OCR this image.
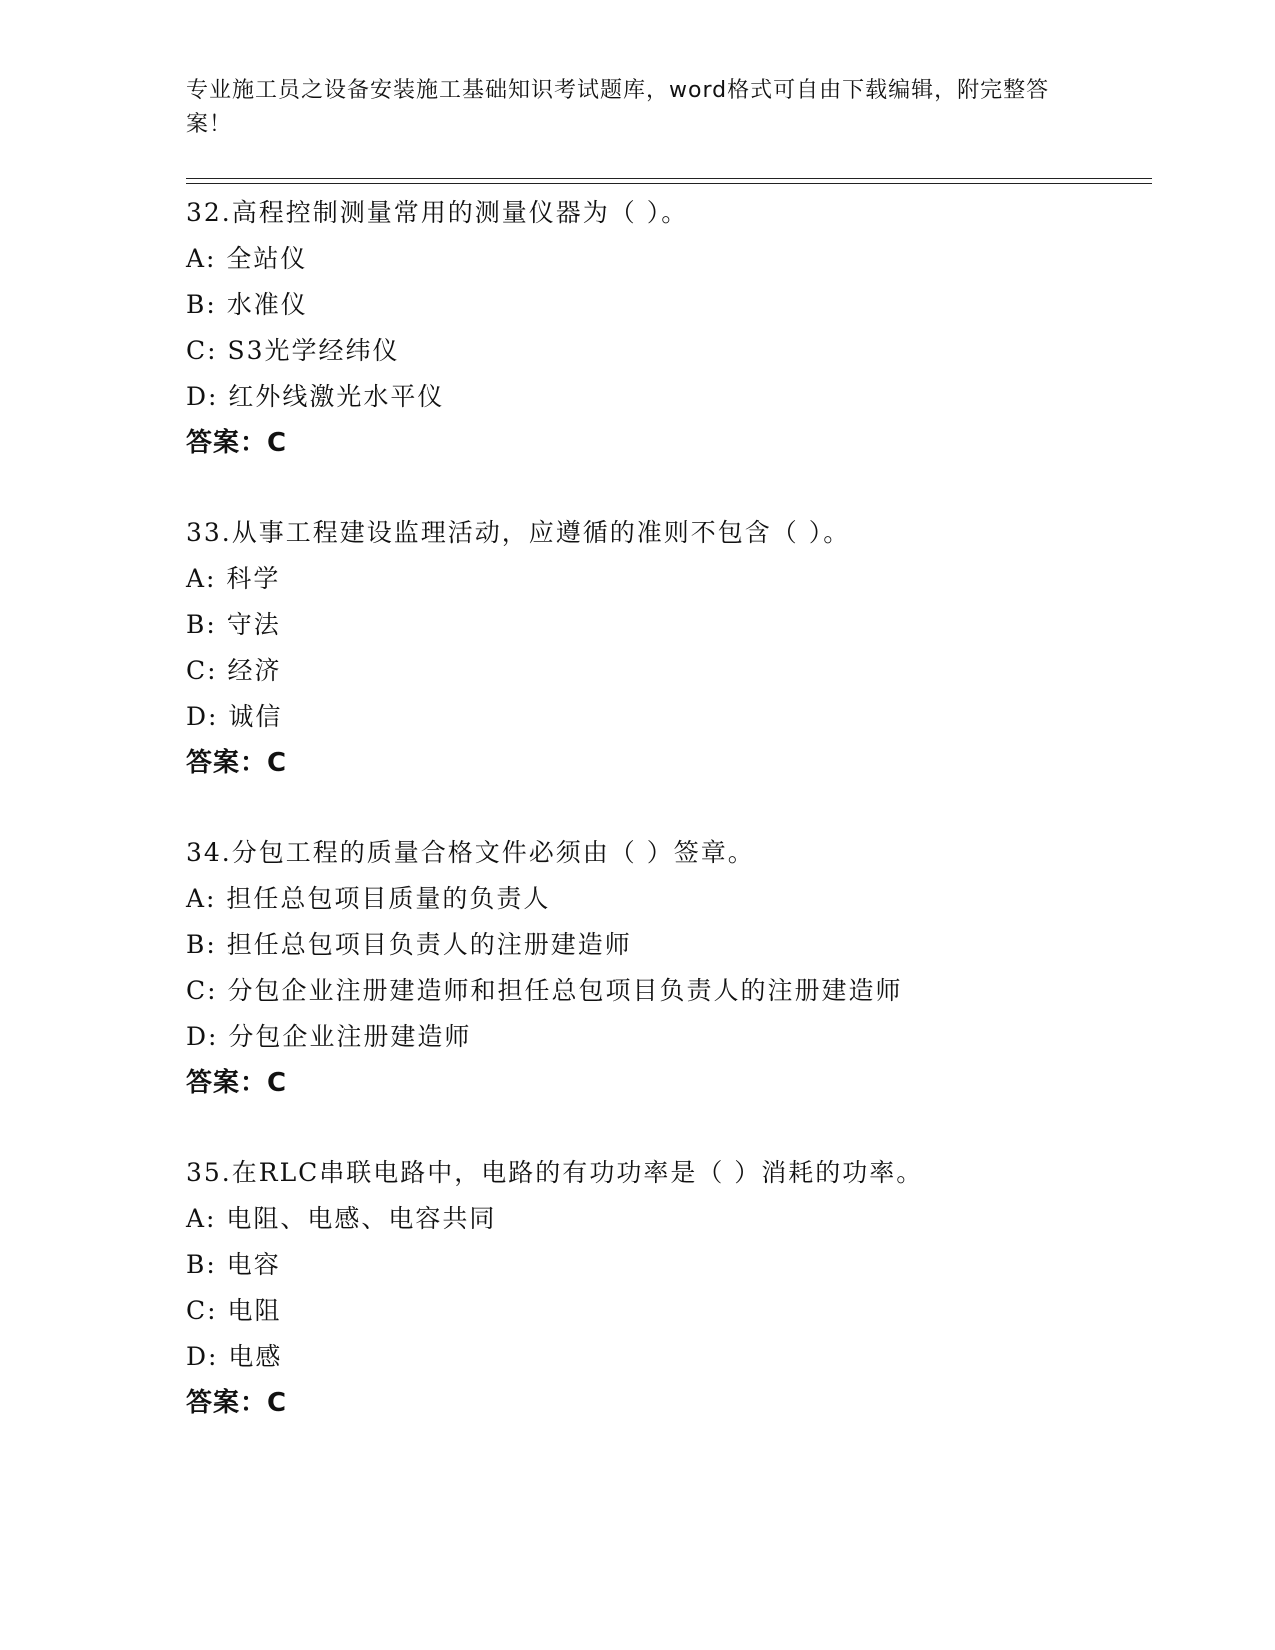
专业施工员之设备安装施工基础知识考试题库，word格式可自由下载编辑，附完整答案！
32.高程控制测量常用的测量仪器为（ ）。
A: 全站仪
B: 水准仪
C: S3光学经纬仪
D: 红外线激光水平仪
答案：C
33.从事工程建设监理活动，应遵循的准则不包含（ ）。
A: 科学
B: 守法
C: 经济
D: 诚信
答案：C
34.分包工程的质量合格文件必须由（ ）签章。
A: 担任总包项目质量的负责人
B: 担任总包项目负责人的注册建造师
C: 分包企业注册建造师和担任总包项目负责人的注册建造师
D: 分包企业注册建造师
答案：C
35.在RLC串联电路中，电路的有功功率是（ ）消耗的功率。
A: 电阻、电感、电容共同
B: 电容
C: 电阻
D: 电感
答案：C
